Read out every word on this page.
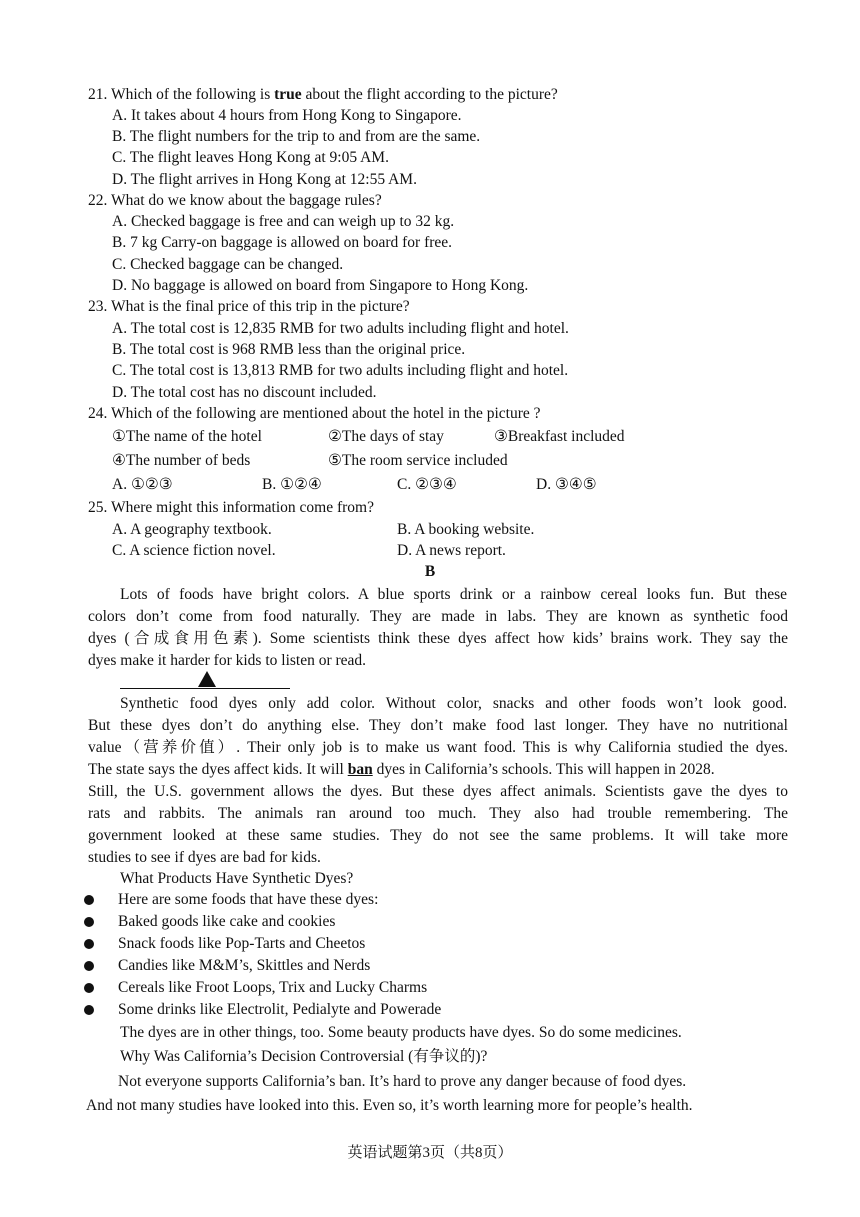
21. Which of the following is true about the flight according to the picture?
A. It takes about 4 hours from Hong Kong to Singapore.
B. The flight numbers for the trip to and from are the same.
C. The flight leaves Hong Kong at 9:05 AM.
D. The flight arrives in Hong Kong at 12:55 AM.
22. What do we know about the baggage rules?
A. Checked baggage is free and can weigh up to 32 kg.
B. 7 kg Carry-on baggage is allowed on board for free.
C. Checked baggage can be changed.
D. No baggage is allowed on board from Singapore to Hong Kong.
23. What is the final price of this trip in the picture?
A. The total cost is 12,835 RMB for two adults including flight and hotel.
B. The total cost is 968 RMB less than the original price.
C. The total cost is 13,813 RMB for two adults including flight and hotel.
D. The total cost has no discount included.
24. Which of the following are mentioned about the hotel in the picture ?
①The name of the hotel	②The days of stay	③Breakfast included
④The number of beds	⑤The room service included
A. ①②③	B. ①②④	C. ②③④	D. ③④⑤
25. Where might this information come from?
A. A geography textbook.	B. A booking website.
C. A science fiction novel.	D. A news report.
B
Lots of foods have bright colors. A blue sports drink or a rainbow cereal looks fun. But these
colors don’t come from food naturally. They are made in labs. They are known as synthetic food
dyes (合成食用色素). Some scientists think these dyes affect how kids’ brains work. They say the
dyes make it harder for kids to listen or read.
Synthetic food dyes only add color. Without color, snacks and other foods won’t look good.
But these dyes don’t do anything else. They don’t make food last longer. They have no nutritional
value（营养价值）. Their only job is to make us want food. This is why California studied the dyes.
The state says the dyes affect kids. It will ban dyes in California’s schools. This will happen in 2028.
Still, the U.S. government allows the dyes. But these dyes affect animals. Scientists gave the dyes to
rats and rabbits. The animals ran around too much. They also had trouble remembering. The
government looked at these same studies. They do not see the same problems. It will take more
studies to see if dyes are bad for kids.
What Products Have Synthetic Dyes?
Here are some foods that have these dyes:
Baked goods like cake and cookies
Snack foods like Pop-Tarts and Cheetos
Candies like M&M’s, Skittles and Nerds
Cereals like Froot Loops, Trix and Lucky Charms
Some drinks like Electrolit, Pedialyte and Powerade
The dyes are in other things, too. Some beauty products have dyes. So do some medicines.
Why Was California’s Decision Controversial (有争议的)?
Not everyone supports California’s ban. It’s hard to prove any danger because of food dyes.
And not many studies have looked into this. Even so, it’s worth learning more for people’s health.
英语试题第3页（共8页）
